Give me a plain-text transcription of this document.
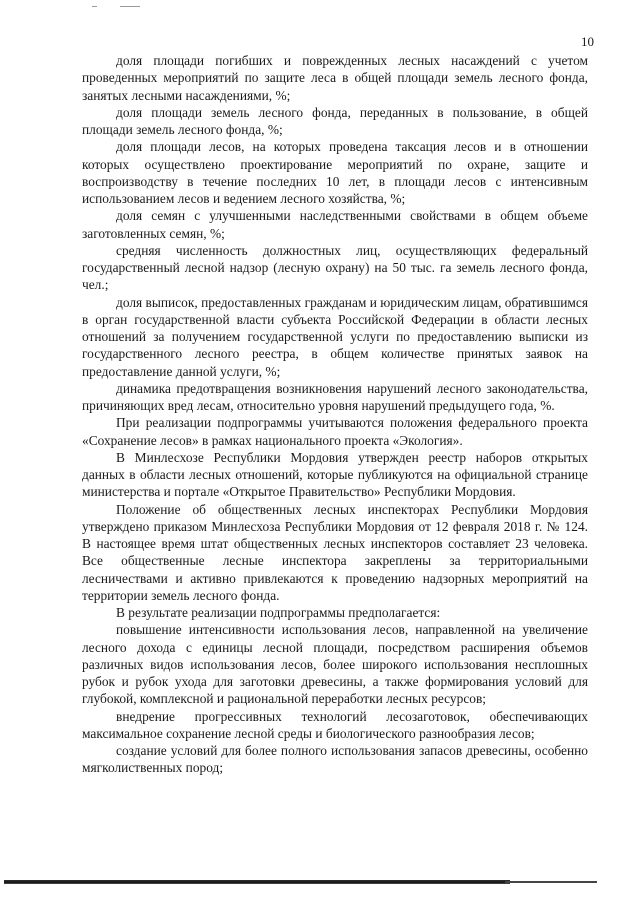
10

доля площади погибших и поврежденных лесных насаждений с учетом проведенных мероприятий по защите леса в общей площади земель лесного фонда, занятых лесными насаждениями, %;

доля площади земель лесного фонда, переданных в пользование, в общей площади земель лесного фонда, %;

доля площади лесов, на которых проведена таксация лесов и в отношении которых осуществлено проектирование мероприятий по охране, защите и воспроизводству в течение последних 10 лет, в площади лесов с интенсивным использованием лесов и ведением лесного хозяйства, %;

доля семян с улучшенными наследственными свойствами в общем объеме заготовленных семян, %;

средняя численность должностных лиц, осуществляющих федеральный государственный лесной надзор (лесную охрану) на 50 тыс. га земель лесного фонда, чел.;

доля выписок, предоставленных гражданам и юридическим лицам, обратившимся в орган государственной власти субъекта Российской Федерации в области лесных отношений за получением государственной услуги по предоставлению выписки из государственного лесного реестра, в общем количестве принятых заявок на предоставление данной услуги, %;

динамика предотвращения возникновения нарушений лесного законодательства, причиняющих вред лесам, относительно уровня нарушений предыдущего года, %.

При реализации подпрограммы учитываются положения федерального проекта «Сохранение лесов» в рамках национального проекта «Экология».

В Минлесхозе Республики Мордовия утвержден реестр наборов открытых данных в области лесных отношений, которые публикуются на официальной странице министерства и портале «Открытое Правительство» Республики Мордовия.

Положение об общественных лесных инспекторах Республики Мордовия утверждено приказом Минлесхоза Республики Мордовия от 12 февраля 2018 г. № 124. В настоящее время штат общественных лесных инспекторов составляет 23 человека. Все общественные лесные инспектора закреплены за территориальными лесничествами и активно привлекаются к проведению надзорных мероприятий на территории земель лесного фонда.

В результате реализации подпрограммы предполагается:

повышение интенсивности использования лесов, направленной на увеличение лесного дохода с единицы лесной площади, посредством расширения объемов различных видов использования лесов, более широкого использования несплошных рубок и рубок ухода для заготовки древесины, а также формирования условий для глубокой, комплексной и рациональной переработки лесных ресурсов;

внедрение прогрессивных технологий лесозаготовок, обеспечивающих максимальное сохранение лесной среды и биологического разнообразия лесов;

создание условий для более полного использования запасов древесины, особенно мягколиственных пород;
